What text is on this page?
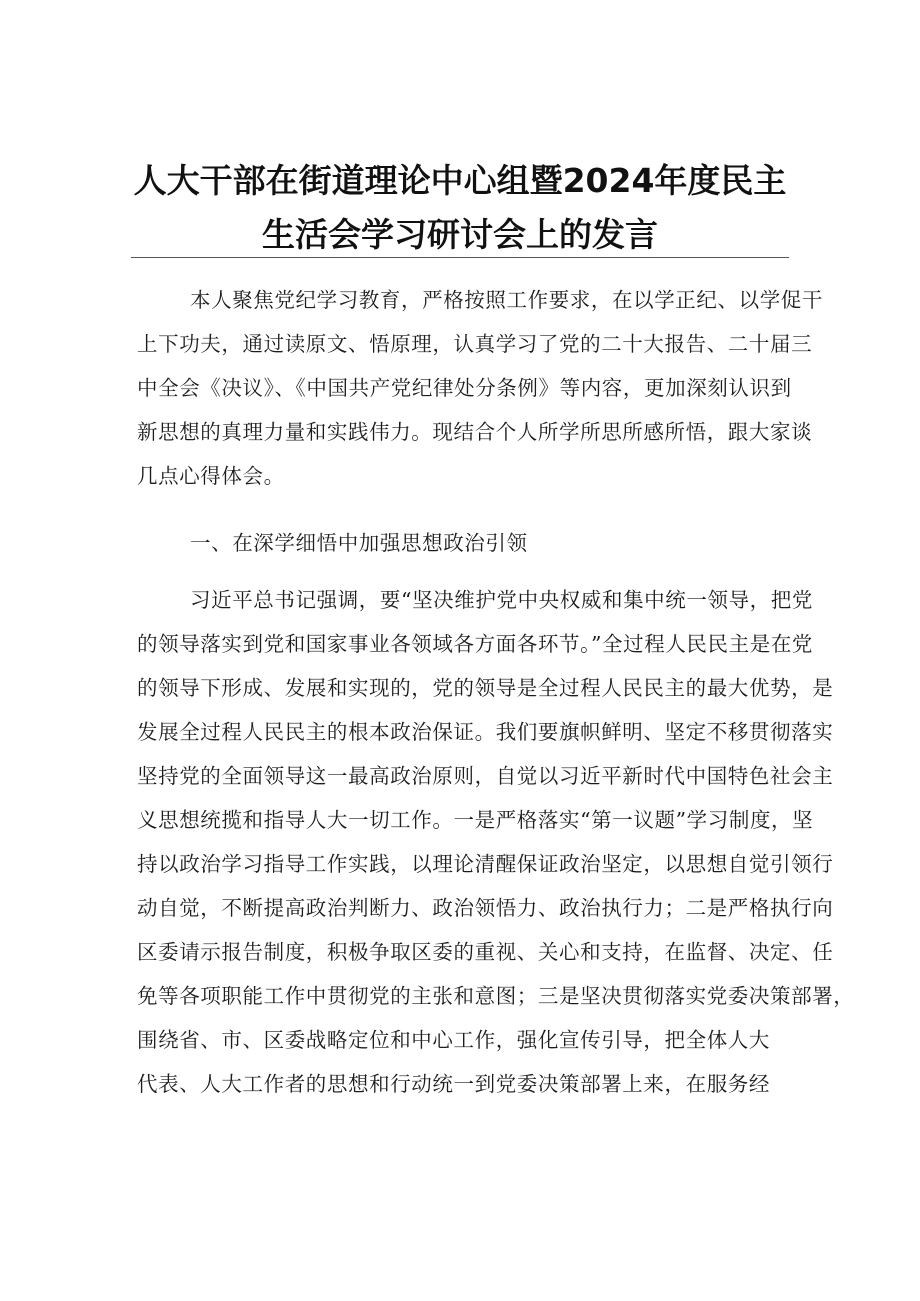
人大干部在街道理论中心组暨2024年度民主
生活会学习研讨会上的发言
本人聚焦党纪学习教育，严格按照工作要求，在以学正纪、以学促干
上下功夫，通过读原文、悟原理，认真学习了党的二十大报告、二十届三
中全会《决议》、《中国共产党纪律处分条例》等内容，更加深刻认识到
新思想的真理力量和实践伟力。现结合个人所学所思所感所悟，跟大家谈
几点心得体会。
一、在深学细悟中加强思想政治引领
习近平总书记强调，要“坚决维护党中央权威和集中统一领导，把党
的领导落实到党和国家事业各领域各方面各环节。”全过程人民民主是在党
的领导下形成、发展和实现的，党的领导是全过程人民民主的最大优势，是
发展全过程人民民主的根本政治保证。我们要旗帜鲜明、坚定不移贯彻落实
坚持党的全面领导这一最高政治原则，自觉以习近平新时代中国特色社会主
义思想统揽和指导人大一切工作。一是严格落实“第一议题”学习制度，坚
持以政治学习指导工作实践，以理论清醒保证政治坚定，以思想自觉引领行
动自觉，不断提高政治判断力、政治领悟力、政治执行力；二是严格执行向
区委请示报告制度，积极争取区委的重视、关心和支持，在监督、决定、任
免等各项职能工作中贯彻党的主张和意图；三是坚决贯彻落实党委决策部署，
围绕省、市、区委战略定位和中心工作，强化宣传引导，把全体人大
代表、人大工作者的思想和行动统一到党委决策部署上来，在服务经
